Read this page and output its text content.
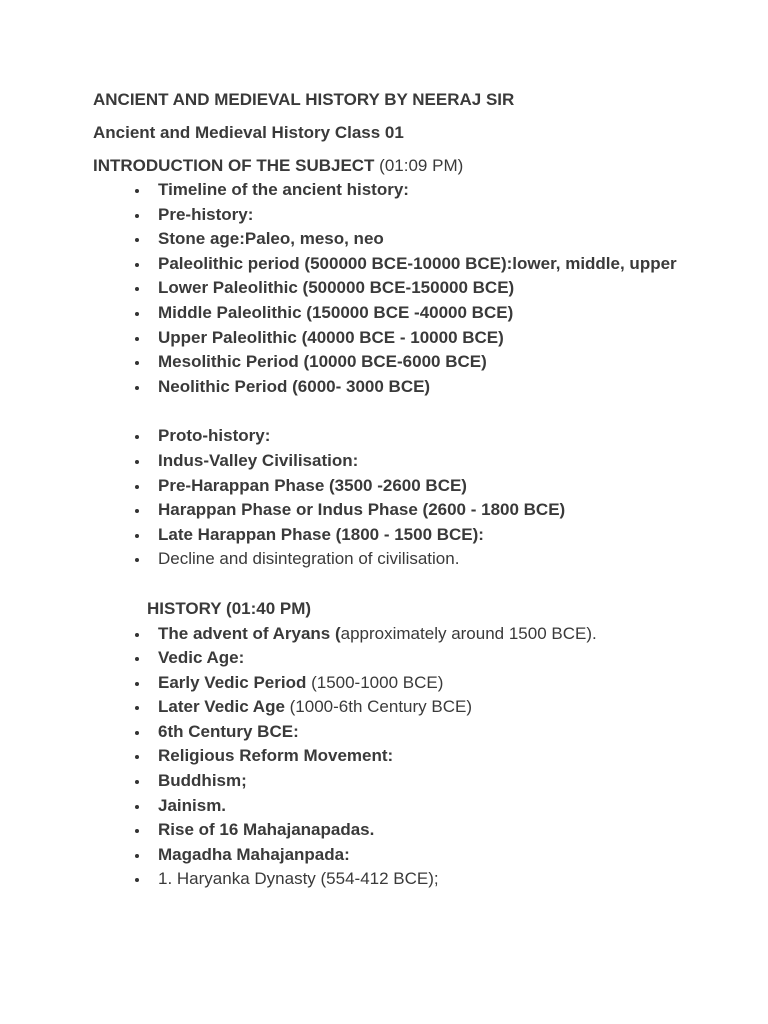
ANCIENT AND MEDIEVAL HISTORY BY NEERAJ SIR

Ancient and Medieval History Class 01

INTRODUCTION OF THE SUBJECT (01:09 PM)

Timeline of the ancient history:
Pre-history:
Stone age:Paleo, meso, neo
Paleolithic period (500000 BCE-10000 BCE):lower, middle, upper
Lower Paleolithic (500000 BCE-150000 BCE)
Middle Paleolithic (150000 BCE -40000 BCE)
Upper Paleolithic (40000 BCE - 10000 BCE)
Mesolithic Period (10000 BCE-6000 BCE)
Neolithic Period (6000- 3000 BCE)
Proto-history:
Indus-Valley Civilisation:
Pre-Harappan Phase (3500 -2600 BCE)
Harappan Phase or Indus Phase (2600 - 1800 BCE)
Late Harappan Phase (1800 - 1500 BCE):
Decline and disintegration of civilisation.

HISTORY (01:40 PM)

The advent of Aryans (approximately around 1500 BCE).
Vedic Age:
Early Vedic Period (1500-1000 BCE)
Later Vedic Age (1000-6th Century BCE)
6th Century BCE:
Religious Reform Movement:
Buddhism;
Jainism.
Rise of 16 Mahajanapadas.
Magadha Mahajanpada:
1. Haryanka Dynasty (554-412 BCE);
